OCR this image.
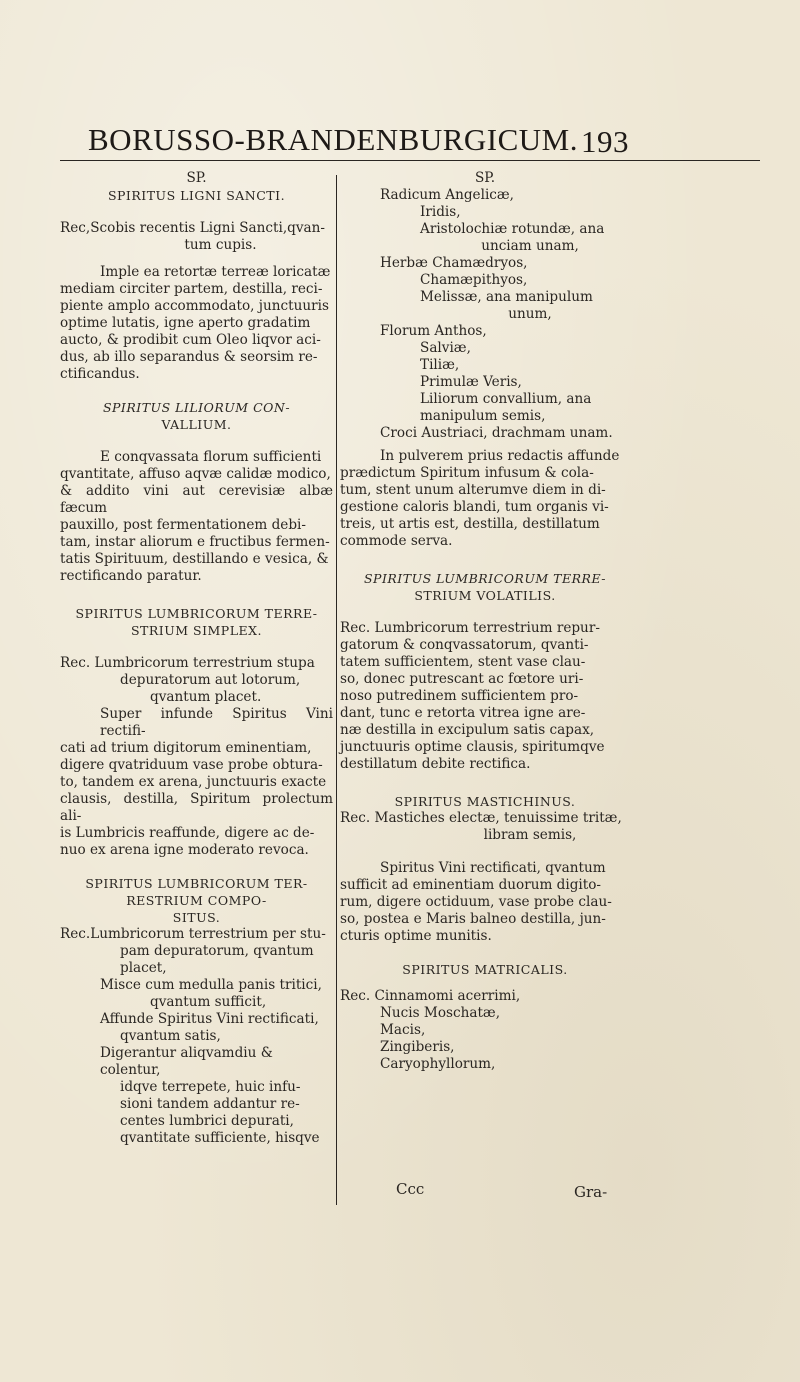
BORUSSO-BRANDENBURGICUM. 193

SP.

SPIRITUS LIGNI SANCTI.

Rec,Scobis recentis Ligni Sancti,qvan-

tum cupis.

Imple ea retortæ terreæ loricatæ

mediam circiter partem, destilla, reci-

piente amplo accommodato, junctuuris

optime lutatis, igne aperto gradatim

aucto, & prodibit cum Oleo liqvor aci-

dus, ab illo separandus & seorsim re-

ctificandus.

SPIRITUS LILIORUM CON-

VALLIUM.

E conqvassata florum sufficienti

qvantitate, affuso aqvæ calidæ modico,

& addito vini aut cerevisiæ albæ fæcum

pauxillo, post fermentationem debi-

tam, instar aliorum e fructibus fermen-

tatis Spirituum, destillando e vesica, &

rectificando paratur.

SPIRITUS LUMBRICORUM TERRE-

STRIUM SIMPLEX.

Rec. Lumbricorum terrestrium stupa

depuratorum aut lotorum,

qvantum placet.

Super infunde Spiritus Vini rectifi-

cati ad trium digitorum eminentiam,

digere qvatriduum vase probe obtura-

to, tandem ex arena, junctuuris exacte

clausis, destilla, Spiritum prolectum ali-

is Lumbricis reaffunde, digere ac de-

nuo ex arena igne moderato revoca.

SPIRITUS LUMBRICORUM TER-

RESTRIUM COMPO-

SITUS.

Rec.Lumbricorum terrestrium per stu-

pam depuratorum, qvantum

placet,

Misce cum medulla panis tritici,

qvantum sufficit,

Affunde Spiritus Vini rectificati,

qvantum satis,

Digerantur aliqvamdiu & colentur,

idqve terrepete, huic infu-

sioni tandem addantur re-

centes lumbrici depurati,

qvantitate sufficiente, hisqve

SP.

Radicum Angelicæ,

Iridis,

Aristolochiæ rotundæ, ana

unciam unam,

Herbæ Chamædryos,

Chamæpithyos,

Melissæ, ana manipulum

unum,

Florum Anthos,

Salviæ,

Tiliæ,

Primulæ Veris,

Liliorum convallium, ana

manipulum semis,

Croci Austriaci, drachmam unam.

In pulverem prius redactis affunde

prædictum Spiritum infusum & cola-

tum, stent unum alterumve diem in di-

gestione caloris blandi, tum organis vi-

treis, ut artis est, destilla, destillatum

commode serva.

SPIRITUS LUMBRICORUM TERRE-

STRIUM VOLATILIS.

Rec. Lumbricorum terrestrium repur-

gatorum & conqvassatorum, qvanti-

tatem sufficientem, stent vase clau-

so, donec putrescant ac fœtore uri-

noso putredinem sufficientem pro-

dant, tunc e retorta vitrea igne are-

næ destilla in excipulum satis capax,

junctuuris optime clausis, spiritumqve

destillatum debite rectifica.

SPIRITUS MASTICHINUS.

Rec. Mastiches electæ, tenuissime tritæ,

libram semis,

Spiritus Vini rectificati, qvantum

sufficit ad eminentiam duorum digito-

rum, digere octiduum, vase probe clau-

so, postea e Maris balneo destilla, jun-

cturis optime munitis.

SPIRITUS MATRICALIS.

Rec. Cinnamomi acerrimi,

Nucis Moschatæ,

Macis,

Zingiberis,

Caryophyllorum,

Ccc	Gra-
